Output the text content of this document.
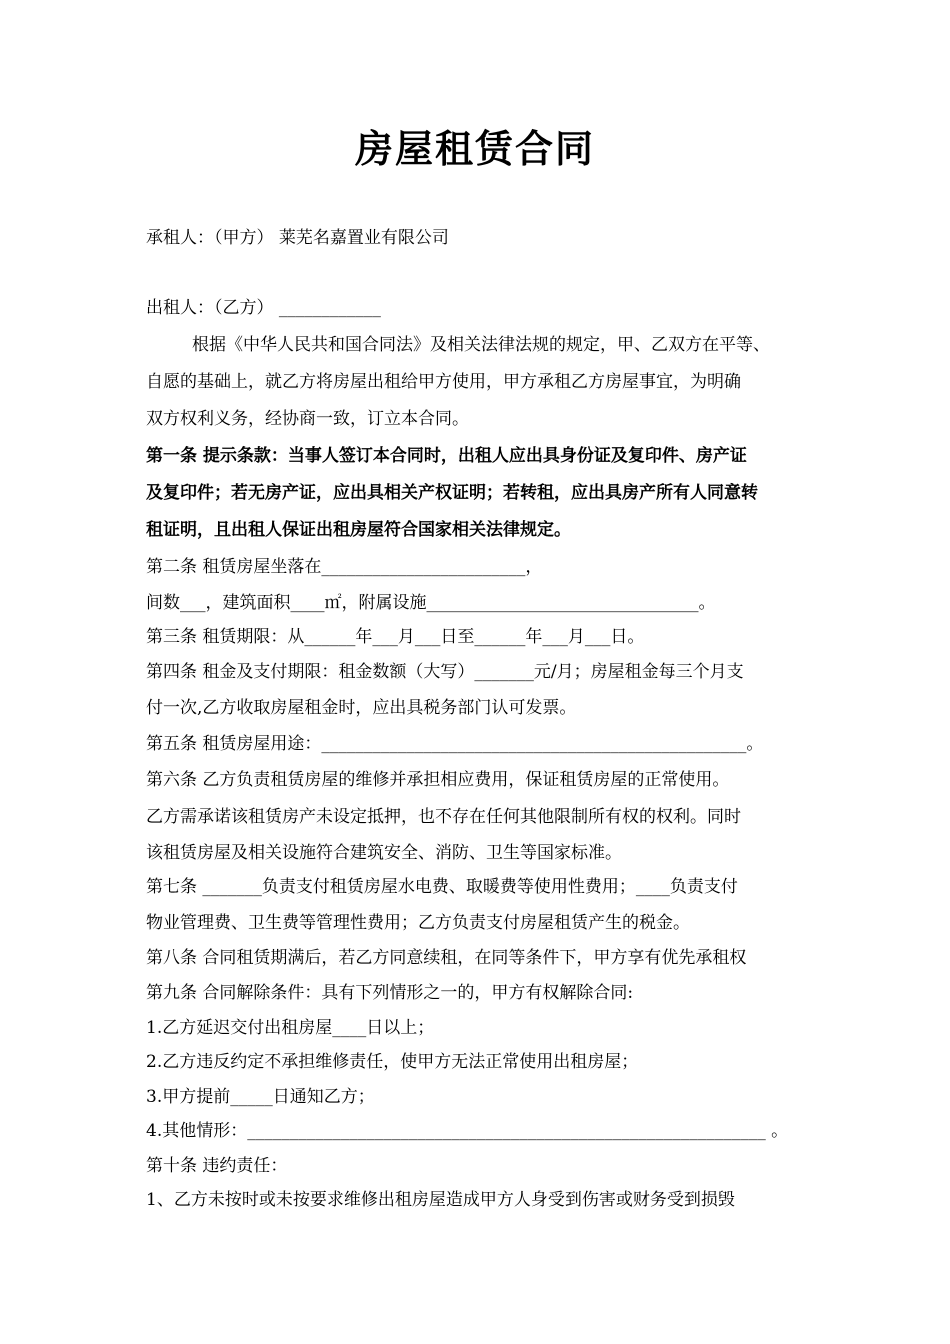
房屋租赁合同
承租人：（甲方） 莱芜名嘉置业有限公司
出租人：（乙方） ____________
根据《中华人民共和国合同法》及相关法律法规的规定，甲、乙双方在平等、
自愿的基础上，就乙方将房屋出租给甲方使用，甲方承租乙方房屋事宜，为明确
双方权利义务，经协商一致，订立本合同。
第一条 提示条款：当事人签订本合同时，出租人应出具身份证及复印件、房产证
及复印件；若无房产证，应出具相关产权证明；若转租，应出具房产所有人同意转
租证明，且出租人保证出租房屋符合国家相关法律规定。
第二条 租赁房屋坐落在________________________，
间数___，建筑面积____㎡，附属设施________________________________。
第三条 租赁期限：从______年___月___日至______年___月___日。
第四条 租金及支付期限：租金数额（大写）_______元/月；房屋租金每三个月支
付一次,乙方收取房屋租金时，应出具税务部门认可发票。
第五条 租赁房屋用途：__________________________________________________。
第六条 乙方负责租赁房屋的维修并承担相应费用，保证租赁房屋的正常使用。
乙方需承诺该租赁房产未设定抵押，也不存在任何其他限制所有权的权利。同时
该租赁房屋及相关设施符合建筑安全、消防、卫生等国家标准。
第七条 _______负责支付租赁房屋水电费、取暖费等使用性费用；____负责支付
物业管理费、卫生费等管理性费用；乙方负责支付房屋租赁产生的税金。
第八条 合同租赁期满后，若乙方同意续租，在同等条件下，甲方享有优先承租权
第九条 合同解除条件：具有下列情形之一的，甲方有权解除合同:
1.乙方延迟交付出租房屋____日以上；
2.乙方违反约定不承担维修责任，使甲方无法正常使用出租房屋；
3.甲方提前_____日通知乙方；
4.其他情形：_____________________________________________________________ 。
第十条 违约责任：
1、乙方未按时或未按要求维修出租房屋造成甲方人身受到伤害或财务受到损毁
